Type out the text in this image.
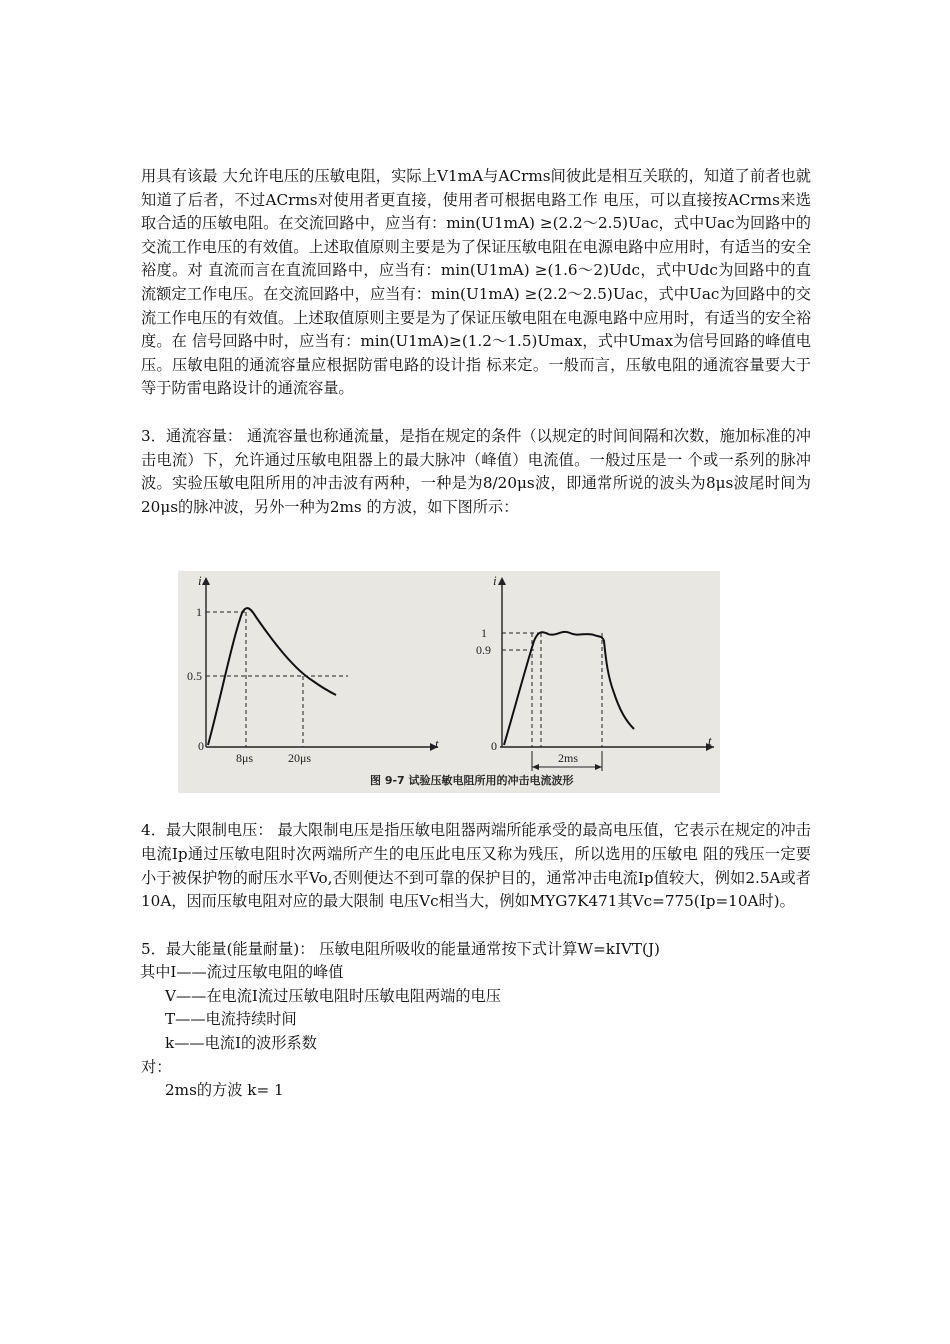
用具有该最 大允许电压的压敏电阻，实际上V1mA与ACrms间彼此是相互关联的，知道了前者也就知道了后者，不过ACrms对使用者更直接，使用者可根据电路工作 电压，可以直接按ACrms来选取合适的压敏电阻。在交流回路中，应当有：min(U1mA) ≥(2.2～2.5)Uac，式中Uac为回路中的交流工作电压的有效值。上述取值原则主要是为了保证压敏电阻在电源电路中应用时，有适当的安全裕度。对 直流而言在直流回路中，应当有：min(U1mA) ≥(1.6～2)Udc，式中Udc为回路中的直流额定工作电压。在交流回路中，应当有：min(U1mA) ≥(2.2～2.5)Uac，式中Uac为回路中的交流工作电压的有效值。上述取值原则主要是为了保证压敏电阻在电源电路中应用时，有适当的安全裕度。在 信号回路中时，应当有：min(U1mA)≥(1.2～1.5)Umax，式中Umax为信号回路的峰值电压。压敏电阻的通流容量应根据防雷电路的设计指 标来定。一般而言，压敏电阻的通流容量要大于等于防雷电路设计的通流容量。

3．通流容量： 通流容量也称通流量，是指在规定的条件（以规定的时间间隔和次数，施加标准的冲击电流）下，允许通过压敏电阻器上的最大脉冲（峰值）电流值。一般过压是一 个或一系列的脉冲波。实验压敏电阻所用的冲击波有两种，一种是为8/20μs波，即通常所说的波头为8μs波尾时间为20μs的脉冲波，另外一种为2ms 的方波，如下图所示：

i
t
0
1
0.5
8μs	20μs
i
t
0
1
0.9
2ms
图 9-7 试验压敏电阻所用的冲击电流波形

4．最大限制电压： 最大限制电压是指压敏电阻器两端所能承受的最高电压值，它表示在规定的冲击电流Ip通过压敏电阻时次两端所产生的电压此电压又称为残压，所以选用的压敏电 阻的残压一定要小于被保护物的耐压水平Vo,否则便达不到可靠的保护目的，通常冲击电流Ip值较大，例如2.5A或者10A，因而压敏电阻对应的最大限制 电压Vc相当大，例如MYG7K471其Vc=775(Ip=10A时)。

5．最大能量(能量耐量)： 压敏电阻所吸收的能量通常按下式计算W=kIVT(J)

其中I——流过压敏电阻的峰值
V——在电流I流过压敏电阻时压敏电阻两端的电压
T——电流持续时间
k——电流I的波形系数
对：
2ms的方波 k= 1
